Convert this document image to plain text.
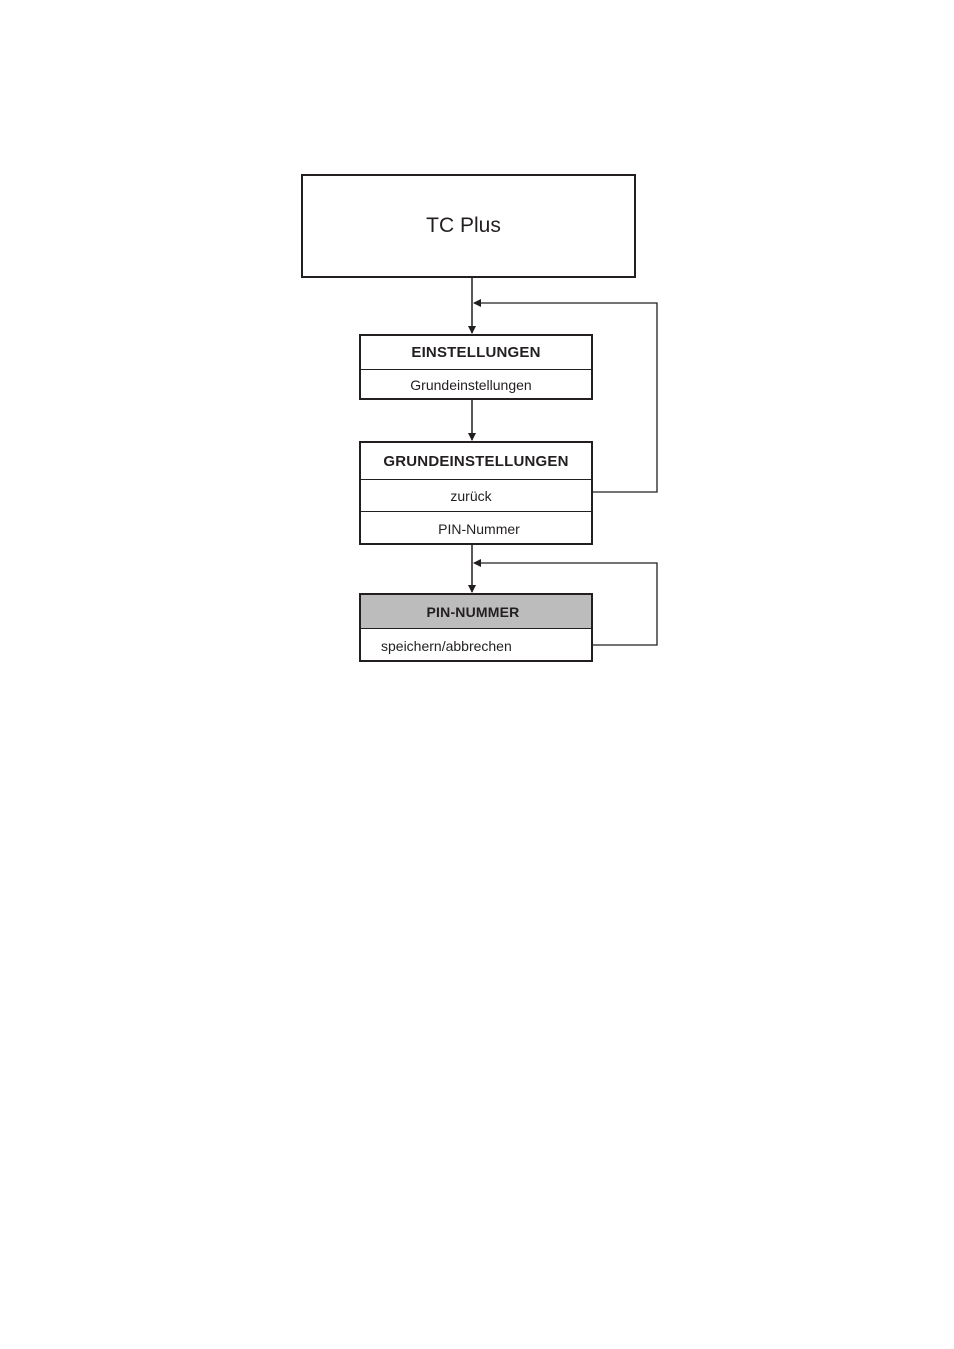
TC Plus
EINSTELLUNGEN
Grundeinstellungen
GRUNDEINSTELLUNGEN
zurück
PIN-Nummer
PIN-NUMMER
speichern/abbrechen
